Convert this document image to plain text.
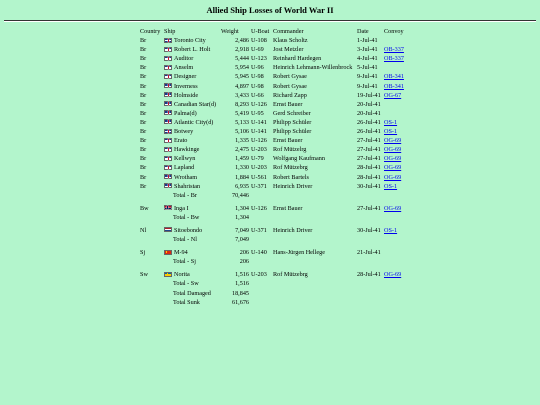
Allied Ship Losses of World War II
Country	Ship	Weight	U-Boat	Commander	Date	Convoy
Br	Toronto City	2,486	U-108	Klaus Scholtz	1-Jul-41	
Br	Robert L. Holt	2,918	U-69	Jost Metzler	3-Jul-41	OB-337
Br	Auditor	5,444	U-123	Reinhard Hardegen	4-Jul-41	OB-337
Br	Anselm	5,954	U-96	Heinrich Lehmann-Willenbrock	5-Jul-41	
Br	Designer	5,945	U-98	Robert Gysae	9-Jul-41	OB-341
Br	Inverness	4,897	U-98	Robert Gysae	9-Jul-41	OB-341
Br	Holmside	3,433	U-66	Richard Zapp	19-Jul-41	OG-67
Br	Canadian Star(d)	8,293	U-126	Ernst Bauer	20-Jul-41	
Br	Palma(d)	5,419	U-95	Gerd Schreiber	20-Jul-41	
Br	Atlantic City(d)	5,133	U-141	Philipp Schüler	26-Jul-41	OS-1
Br	Botwey	5,106	U-141	Philipp Schüler	26-Jul-41	OS-1
Br	Erato	1,335	U-126	Ernst Bauer	27-Jul-41	OG-69
Br	Hawkinge	2,475	U-203	Rof Mützelrg	27-Jul-41	OG-69
Br	Kellwyn	1,459	U-79	Wolfgang Kaufmann	27-Jul-41	OG-69
Br	Lapland	1,330	U-203	Rof Mützebrg	28-Jul-41	OG-69
Br	Wrotham	1,884	U-561	Robert Bartels	28-Jul-41	OG-69
Br	Shahristan	6,935	U-371	Heinrich Driver	30-Jul-41	OS-1
	Total - Br	70,446				

Bw	Inga I	1,304	U-126	Ernst Bauer	27-Jul-41	OG-69
	Total - Bw	1,304				

Nl	Sitoebondo	7,049	U-371	Heinrich Driver	30-Jul-41	OS-1
	Total - Nl	7,049				

Sj	M-94	206	U-140	Hans-Jürgen Hellege	21-Jul-41	
	Total - Sj	206				

Sw	Norita	1,516	U-203	Rof Mützebrg	28-Jul-41	OG-69
	Total - Sw	1,516				
	Total Damaged	18,845				
	Total Sunk	61,676				
